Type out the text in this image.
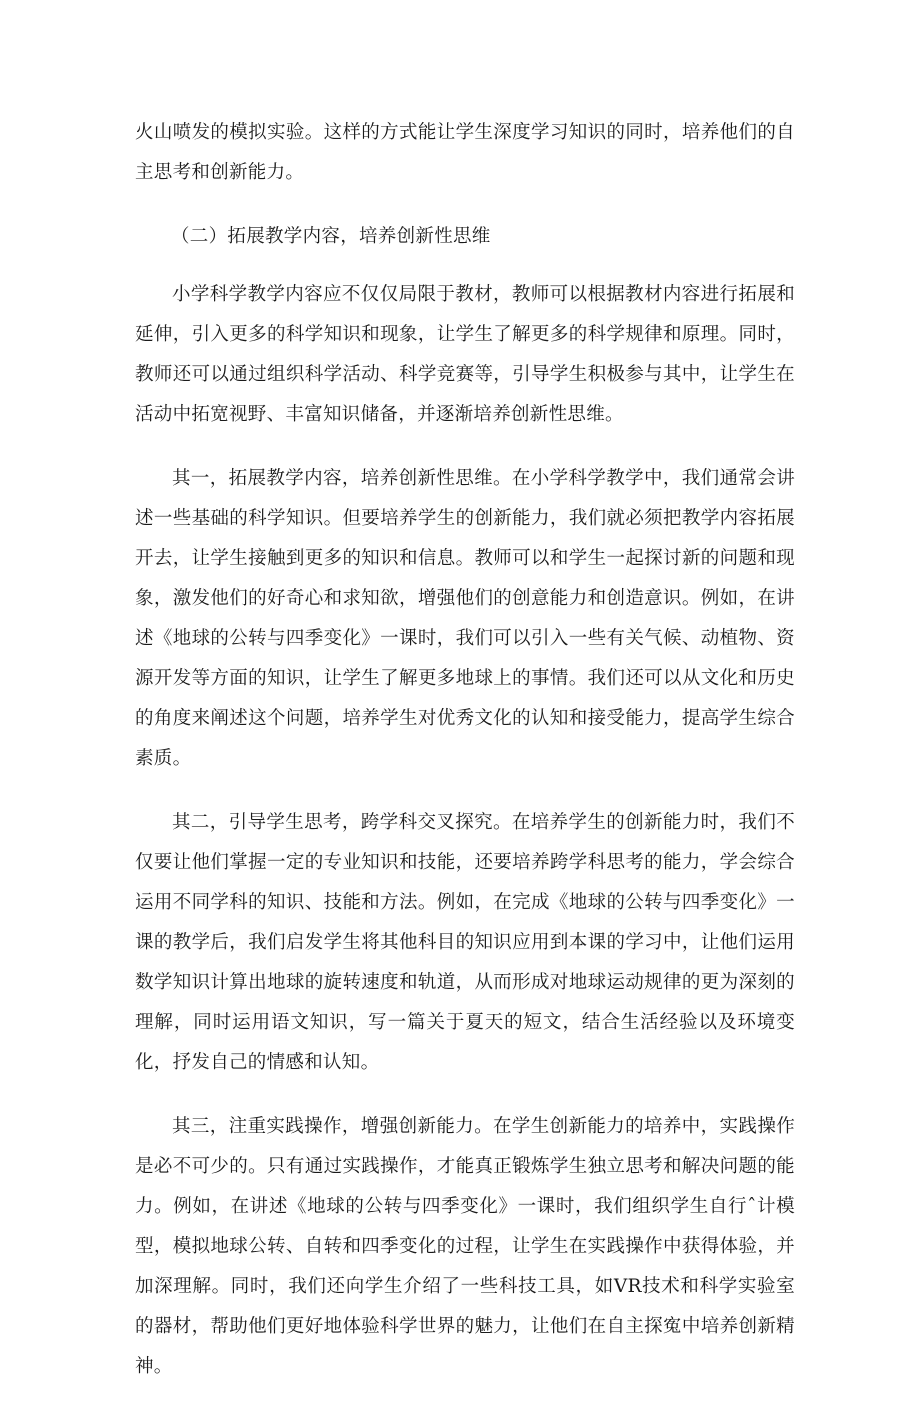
火山喷发的模拟实验。这样的方式能让学生深度学习知识的同时，培养他们的自主思考和创新能力。

（二）拓展教学内容，培养创新性思维

小学科学教学内容应不仅仅局限于教材，教师可以根据教材内容进行拓展和延伸，引入更多的科学知识和现象，让学生了解更多的科学规律和原理。同时，教师还可以通过组织科学活动、科学竞赛等，引导学生积极参与其中，让学生在活动中拓宽视野、丰富知识储备，并逐渐培养创新性思维。

其一，拓展教学内容，培养创新性思维。在小学科学教学中，我们通常会讲述一些基础的科学知识。但要培养学生的创新能力，我们就必须把教学内容拓展开去，让学生接触到更多的知识和信息。教师可以和学生一起探讨新的问题和现象，激发他们的好奇心和求知欲，增强他们的创意能力和创造意识。例如，在讲述《地球的公转与四季变化》一课时，我们可以引入一些有关气候、动植物、资源开发等方面的知识，让学生了解更多地球上的事情。我们还可以从文化和历史的角度来阐述这个问题，培养学生对优秀文化的认知和接受能力，提高学生综合素质。

其二，引导学生思考，跨学科交叉探究。在培养学生的创新能力时，我们不仅要让他们掌握一定的专业知识和技能，还要培养跨学科思考的能力，学会综合运用不同学科的知识、技能和方法。例如，在完成《地球的公转与四季变化》一课的教学后，我们启发学生将其他科目的知识应用到本课的学习中，让他们运用数学知识计算出地球的旋转速度和轨道，从而形成对地球运动规律的更为深刻的理解，同时运用语文知识，写一篇关于夏天的短文，结合生活经验以及环境变化，抒发自己的情感和认知。

其三，注重实践操作，增强创新能力。在学生创新能力的培养中，实践操作是必不可少的。只有通过实践操作，才能真正锻炼学生独立思考和解决问题的能力。例如，在讲述《地球的公转与四季变化》一课时，我们组织学生自行ˆ计模型，模拟地球公转、自转和四季变化的过程，让学生在实践操作中获得体验，并加深理解。同时，我们还向学生介绍了一些科技工具，如VR技术和科学实验室的器材，帮助他们更好地体验科学世界的魅力，让他们在自主探寃中培养创新精神。
